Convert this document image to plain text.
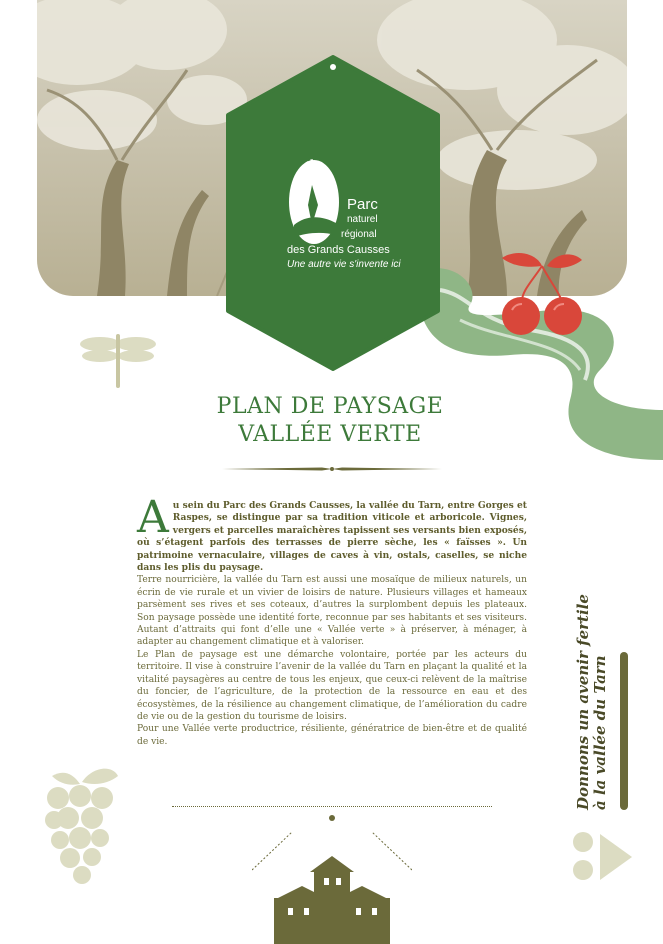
✱
Parc
naturel
régional
des Grands Causses
Une autre vie s'invente ici
PLAN DE PAYSAGE
VALLÉE VERTE

Au sein du Parc des Grands Causses, la vallée du Tarn, entre Gorges et Raspes, se distingue par sa tradition viticole et arboricole. Vignes, vergers et parcelles maraîchères tapissent ses versants bien exposés, où s’étagent parfois des terrasses de pierre sèche, les « faïsses ». Un patrimoine vernaculaire, villages de caves à vin, ostals, caselles, se niche dans les plis du paysage.

Terre nourricière, la vallée du Tarn est aussi une mosaïque de milieux naturels, un écrin de vie rurale et un vivier de loisirs de nature. Plusieurs villages et hameaux parsèment ses rives et ses coteaux, d’autres la surplombent depuis les plateaux. Son paysage possède une identité forte, reconnue par ses habitants et ses visiteurs. Autant d’attraits qui font d’elle une « Vallée verte » à préserver, à ménager, à adapter au changement climatique et à valoriser.

Le Plan de paysage est une démarche volontaire, portée par les acteurs du territoire. Il vise à construire l’avenir de la vallée du Tarn en plaçant la qualité et la vitalité paysagères au centre de tous les enjeux, que ceux-ci relèvent de la maîtrise du foncier, de l’agriculture, de la protection de la ressource en eau et des écosystèmes, de la résilience au changement climatique, de l’amélioration du cadre de vie ou de la gestion du tourisme de loisirs.

Pour une Vallée verte productrice, résiliente, génératrice de bien-être et de qualité de vie.	Donnons un avenir fertile à la vallée du Tarn
